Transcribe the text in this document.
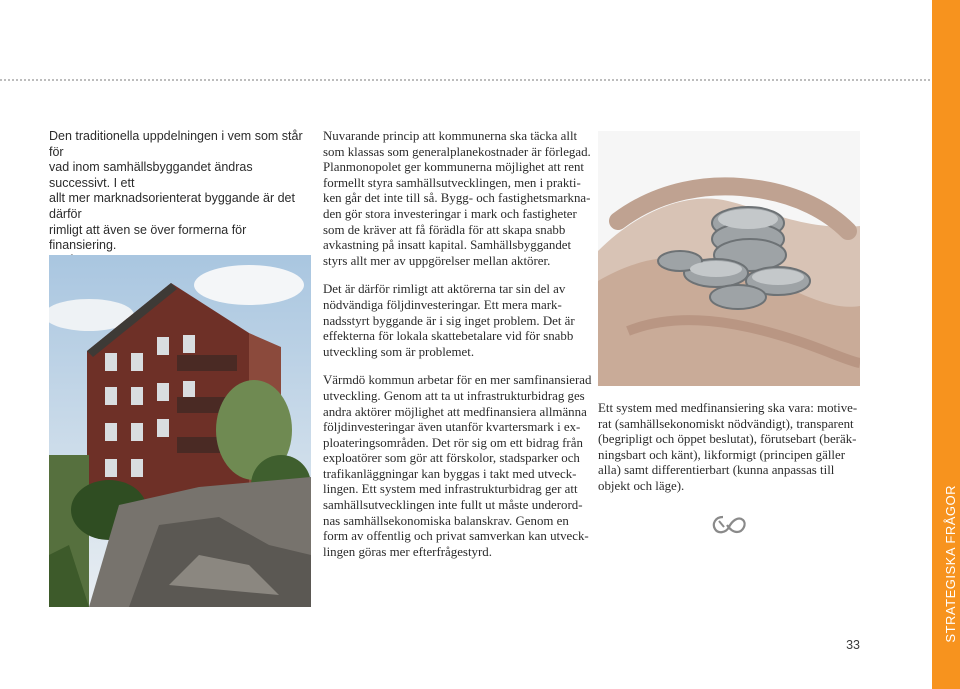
STRATEGISKA FRÅGOR

Den traditionella uppdelningen i vem som står för
vad inom samhällsbyggandet ändras successivt. I ett
allt mer marknadsorienterat byggande är det därför
rimligt att även se över formerna för finansiering.

Nuvarande princip att kommunerna ska täcka allt
som klassas som generalplanekostnader är förlegad.
Planmonopolet ger kommunerna möjlighet att rent
formellt styra samhällsutvecklingen, men i prakti-
ken går det inte till så. Bygg- och fastighetsmarkna-
den gör stora investeringar i mark och fastigheter
som de kräver att få förädla för att skapa snabb
avkastning på insatt kapital. Samhällsbyggandet
styrs allt mer av uppgörelser mellan aktörer.

Det är därför rimligt att aktörerna tar sin del av
nödvändiga följdinvesteringar. Ett mera mark-
nadsstyrt byggande är i sig inget problem. Det är
effekterna för lokala skattebetalare vid för snabb
utveckling som är problemet.

Värmdö kommun arbetar för en mer samfinansierad
utveckling. Genom att ta ut infrastrukturbidrag ges
andra aktörer möjlighet att medfinansiera allmänna
följdinvesteringar även utanför kvartersmark i ex-
ploateringsområden. Det rör sig om ett bidrag från
exploatörer som gör att förskolor, stadsparker och
trafikanläggningar kan byggas i takt med utveck-
lingen. Ett system med infrastrukturbidrag ger att
samhällsutvecklingen inte fullt ut måste underord-
nas samhällsekonomiska balanskrav. Genom en
form av offentlig och privat samverkan kan utveck-
lingen göras mer efterfrågestyrd.

Ett system med medfinansiering ska vara: motive-
rat (samhällsekonomiskt nödvändigt), transparent
(begripligt och öppet beslutat), förutsebart (beräk-
ningsbart och känt), likformigt (principen gäller
alla) samt differentierbart (kunna anpassas till
objekt och läge).

33
